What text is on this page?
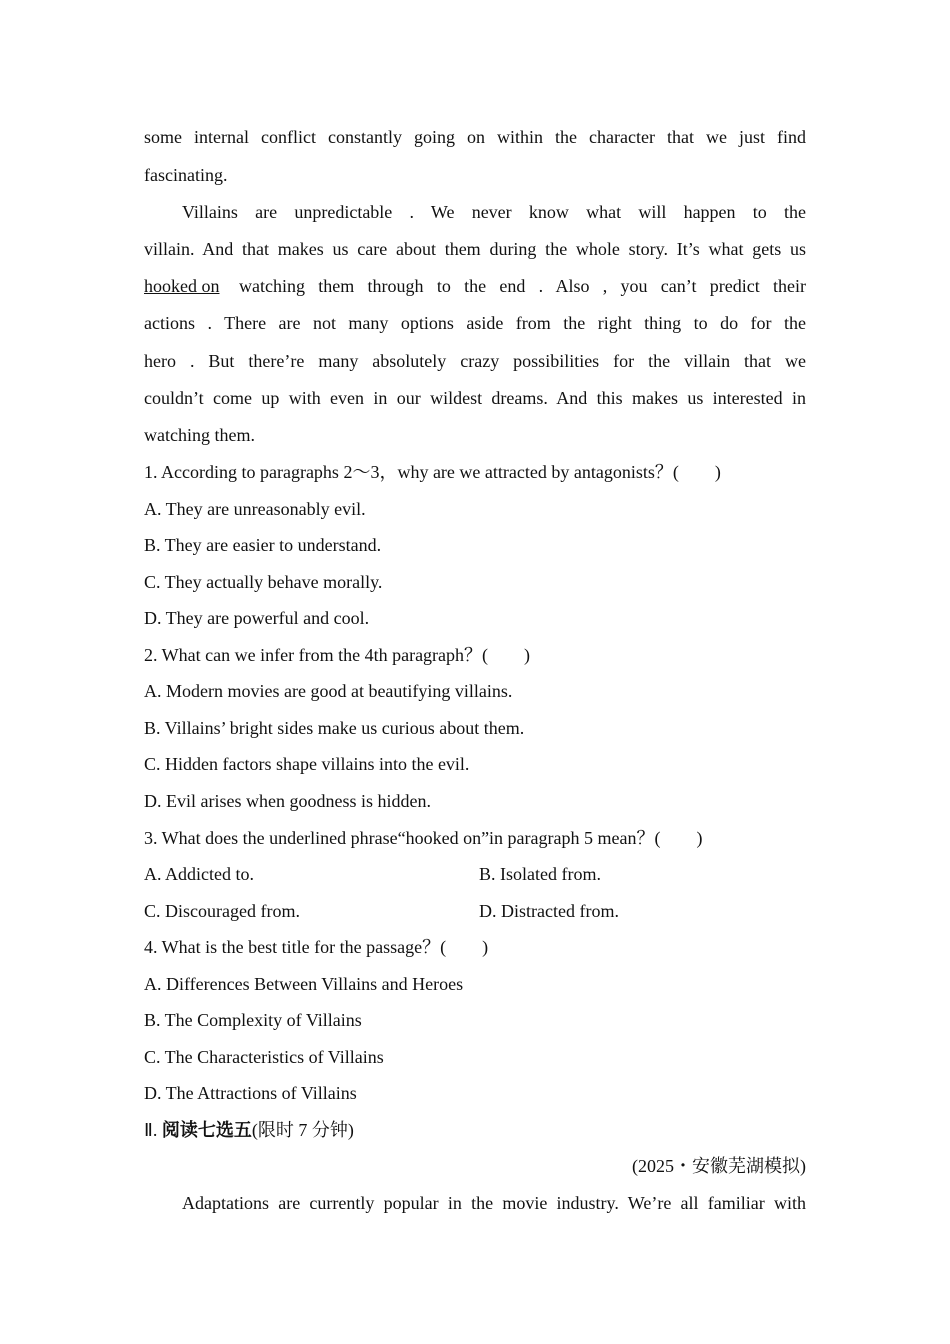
some internal conflict constantly going on within the character that we just find
fascinating.
Villains are unpredictable . We never know what will happen to the
villain. And that makes us care about them during the whole story. It’s what gets us
hooked on	watching them through to the end . Also , you can’t predict their
actions . There are not many options aside from the right thing to do for the
hero . But there’re many absolutely crazy possibilities for the villain that we
couldn’t come up with even in our wildest dreams. And this makes us interested in
watching them.
1. According to paragraphs 2～3，why are we attracted by antagonists？(　　)
A. They are unreasonably evil.
B. They are easier to understand.
C. They actually behave morally.
D. They are powerful and cool.
2. What can we infer from the 4th paragraph？(　　)
A. Modern movies are good at beautifying villains.
B. Villains’ bright sides make us curious about them.
C. Hidden factors shape villains into the evil.
D. Evil arises when goodness is hidden.
3. What does the underlined phrase“hooked on”in paragraph 5 mean？(　　)
A. Addicted to.	B. Isolated from.
C. Discouraged from.	D. Distracted from.
4. What is the best title for the passage？(　　)
A. Differences Between Villains and Heroes
B. The Complexity of Villains
C. The Characteristics of Villains
D. The Attractions of Villains
Ⅱ. 阅读七选五(限时 7 分钟)
(2025・安徽芜湖模拟)
Adaptations are currently popular in the movie industry. We’re all familiar with
